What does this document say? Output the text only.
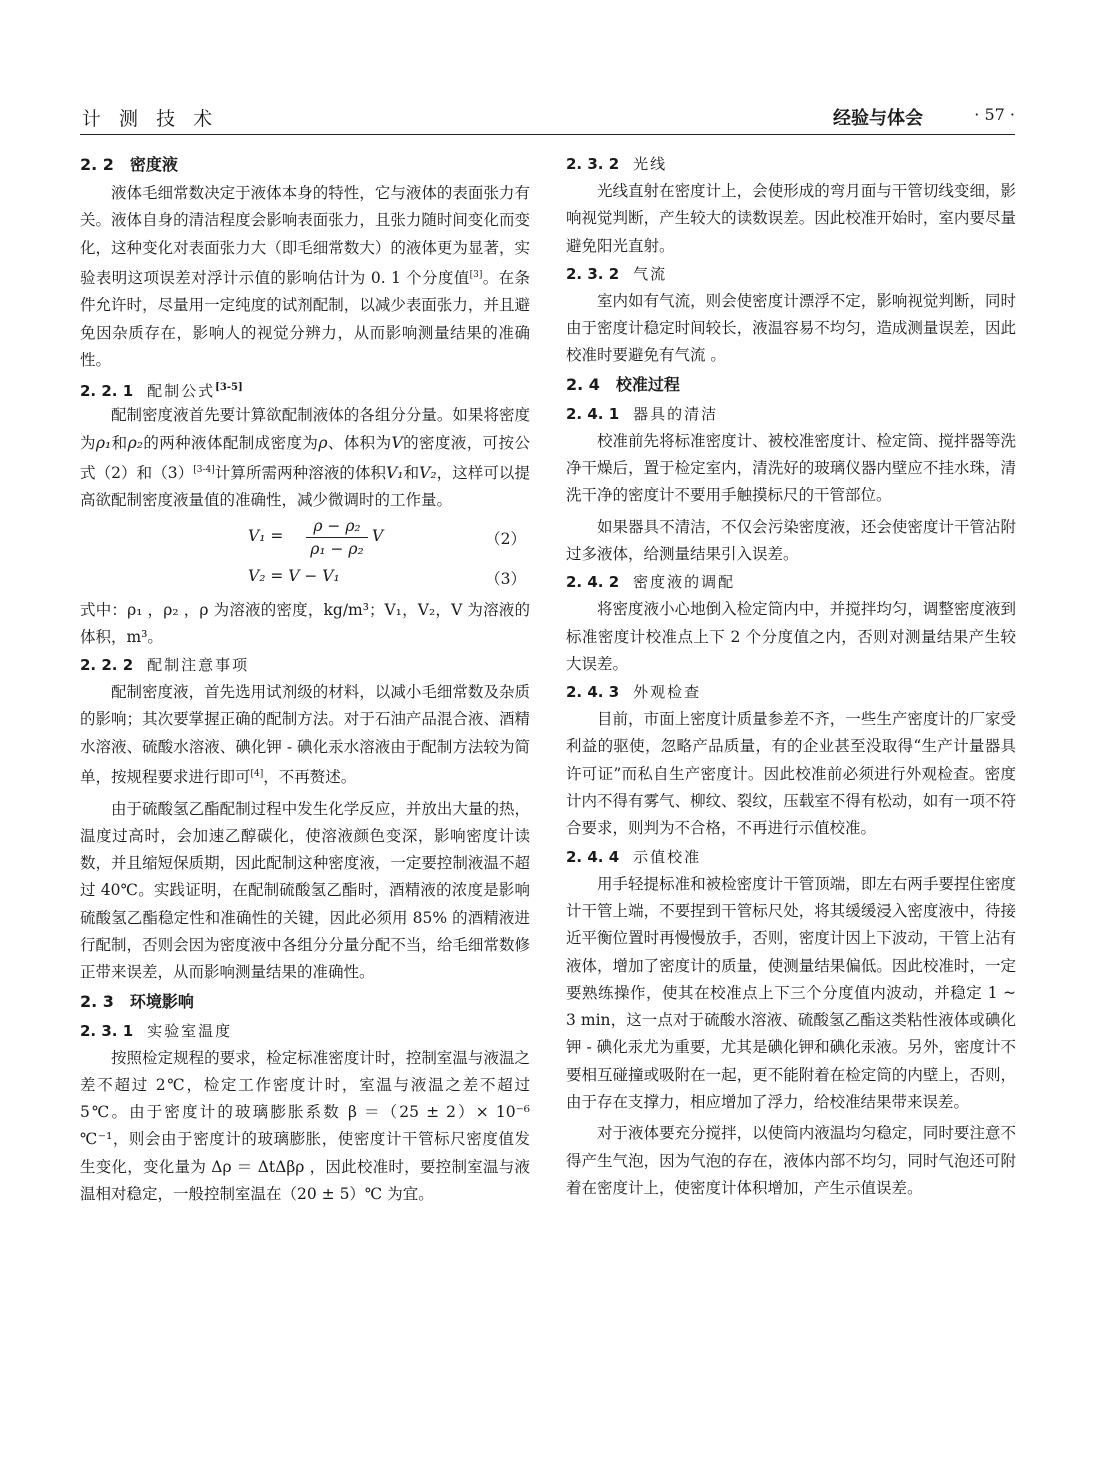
计 测 技 术	经验与体会	· 57 ·
2. 2 密度液

液体毛细常数决定于液体本身的特性，它与液体的表面张力有关。液体自身的清洁程度会影响表面张力，且张力随时间变化而变化，这种变化对表面张力大（即毛细常数大）的液体更为显著，实验表明这项误差对浮计示值的影响估计为 0. 1 个分度值[3]。在条件允许时，尽量用一定纯度的试剂配制，以减少表面张力，并且避免因杂质存在，影响人的视觉分辨力，从而影响测量结果的准确性。

2. 2. 1 配制公式[3-5]

配制密度液首先要计算欲配制液体的各组分分量。如果将密度为ρ₁和ρ₂的两种液体配制成密度为ρ、体积为V的密度液，可按公式（2）和（3）[3-4]计算所需两种溶液的体积V₁和V₂，这样可以提高欲配制密度液量值的准确性，减少微调时的工作量。

$V_1 = \frac{\text{ρ − ρ₂}}{\text{ρ₁ − ρ₂}}$ V	（2）
V₂ = V − V₁	（3）

式中：ρ₁ ，ρ₂ ，ρ 为溶液的密度，kg/m³；V₁，V₂，V 为溶液的体积，m³。

2. 2. 2 配制注意事项

配制密度液，首先选用试剂级的材料，以减小毛细常数及杂质的影响；其次要掌握正确的配制方法。对于石油产品混合液、酒精水溶液、硫酸水溶液、碘化钾 - 碘化汞水溶液由于配制方法较为简单，按规程要求进行即可[4]，不再赘述。

由于硫酸氢乙酯配制过程中发生化学反应，并放出大量的热，温度过高时，会加速乙醇碳化，使溶液颜色变深，影响密度计读数，并且缩短保质期，因此配制这种密度液，一定要控制液温不超过 40℃。实践证明，在配制硫酸氢乙酯时，酒精液的浓度是影响硫酸氢乙酯稳定性和准确性的关键，因此必须用 85% 的酒精液进行配制，否则会因为密度液中各组分分量分配不当，给毛细常数修正带来误差，从而影响测量结果的准确性。

2. 3 环境影响
2. 3. 1 实验室温度

按照检定规程的要求，检定标准密度计时，控制室温与液温之差不超过 2℃，检定工作密度计时，室温与液温之差不超过 5℃。由于密度计的玻璃膨胀系数 β ＝（25 ± 2）× 10⁻⁶ ℃⁻¹，则会由于密度计的玻璃膨胀，使密度计干管标尺密度值发生变化，变化量为 Δρ ＝ ΔtΔβρ ，因此校准时，要控制室温与液温相对稳定，一般控制室温在（20 ± 5）℃ 为宜。

2. 3. 2 光线

光线直射在密度计上，会使形成的弯月面与干管切线变细，影响视觉判断，产生较大的读数误差。因此校准开始时，室内要尽量避免阳光直射。

2. 3. 2 气流

室内如有气流，则会使密度计漂浮不定，影响视觉判断，同时由于密度计稳定时间较长，液温容易不均匀，造成测量误差，因此校准时要避免有气流 。

2. 4 校准过程
2. 4. 1 器具的清洁

校准前先将标准密度计、被校准密度计、检定筒、搅拌器等洗净干燥后，置于检定室内，清洗好的玻璃仪器内壁应不挂水珠，清洗干净的密度计不要用手触摸标尺的干管部位。

如果器具不清洁，不仅会污染密度液，还会使密度计干管沾附过多液体，给测量结果引入误差。

2. 4. 2 密度液的调配

将密度液小心地倒入检定筒内中，并搅拌均匀，调整密度液到标准密度计校准点上下 2 个分度值之内，否则对测量结果产生较大误差。

2. 4. 3 外观检查

目前，市面上密度计质量参差不齐，一些生产密度计的厂家受利益的驱使，忽略产品质量，有的企业甚至没取得“生产计量器具许可证”而私自生产密度计。因此校准前必须进行外观检查。密度计内不得有雾气、柳纹、裂纹，压载室不得有松动，如有一项不符合要求，则判为不合格，不再进行示值校准。

2. 4. 4 示值校准

用手轻提标准和被检密度计干管顶端，即左右两手要捏住密度计干管上端，不要捏到干管标尺处，将其缓缓浸入密度液中，待接近平衡位置时再慢慢放手，否则，密度计因上下波动，干管上沾有液体，增加了密度计的质量，使测量结果偏低。因此校准时，一定要熟练操作，使其在校准点上下三个分度值内波动，并稳定 1 ~ 3 min，这一点对于硫酸水溶液、硫酸氢乙酯这类粘性液体或碘化钾 - 碘化汞尤为重要，尤其是碘化钾和碘化汞液。另外，密度计不要相互碰撞或吸附在一起，更不能附着在检定筒的内壁上，否则，由于存在支撑力，相应增加了浮力，给校准结果带来误差。

对于液体要充分搅拌，以使筒内液温均匀稳定，同时要注意不得产生气泡，因为气泡的存在，液体内部不均匀，同时气泡还可附着在密度计上，使密度计体积增加，产生示值误差。
